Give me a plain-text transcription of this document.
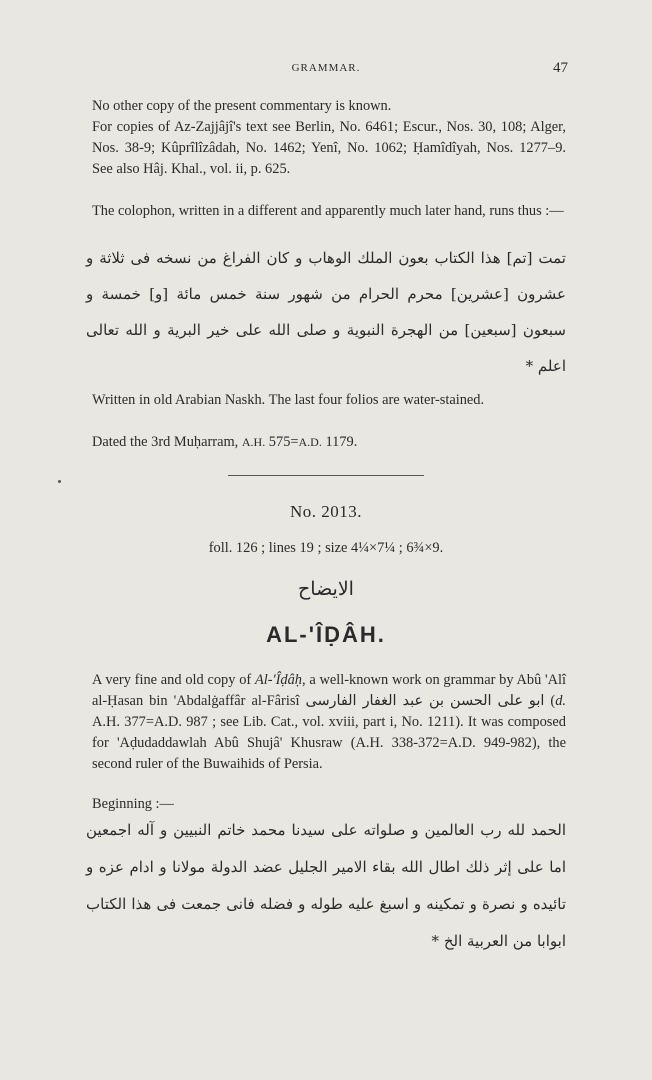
GRAMMAR.	47

No other copy of the present commentary is known.

For copies of Az-Zajjâjî's text see Berlin, No. 6461; Escur., Nos. 30, 108; Alger, Nos. 38-9; Kûprîlîzâdah, No. 1462; Yenî, No. 1062; Ḥamîdîyah, Nos. 1277–9. See also Hâj. Khal., vol. ii, p. 625.

The colophon, written in a different and apparently much later hand, runs thus :—

تمت [تم] هذا الكتاب بعون الملك الوهاب و كان الفراغ من نسخه فى ثلاثة و عشرون [عشرين] محرم الحرام من شهور سنة خمس مائة [و] خمسة و سبعون [سبعين] من الهجرة النبوية و صلى الله على خير البرية و الله تعالى اعلم *

Written in old Arabian Naskh. The last four folios are water-stained.

Dated the 3rd Muḥarram, A.H. 575=A.D. 1179.

No. 2013.
foll. 126 ; lines 19 ; size 4¼×7¼ ; 6¾×9.
الايضاح
AL-'ÎḌÂH.

A very fine and old copy of Al-'Îḍâḥ, a well-known work on grammar by Abû 'Alî al-Ḥasan bin 'Abdalġaffâr al-Fârisî ابو على الحسن بن عبد الغفار الفارسى (d. A.H. 377=A.D. 987 ; see Lib. Cat., vol. xviii, part i, No. 1211). It was composed for 'Aḍudaddawlah Abû Shujâ' Khusraw (A.H. 338-372=A.D. 949-982), the second ruler of the Buwaihids of Persia.

Beginning :—

الحمد لله رب العالمين و صلواته على سيدنا محمد خاتم النبيين و آله اجمعين اما على إثر ذلك اطال الله بقاء الامير الجليل عضد الدولة مولانا و ادام عزه و تائيده و نصرة و تمكينه و اسبغ عليه طوله و فضله فانى جمعت فى هذا الكتاب ابوابا من العربية الخ *
